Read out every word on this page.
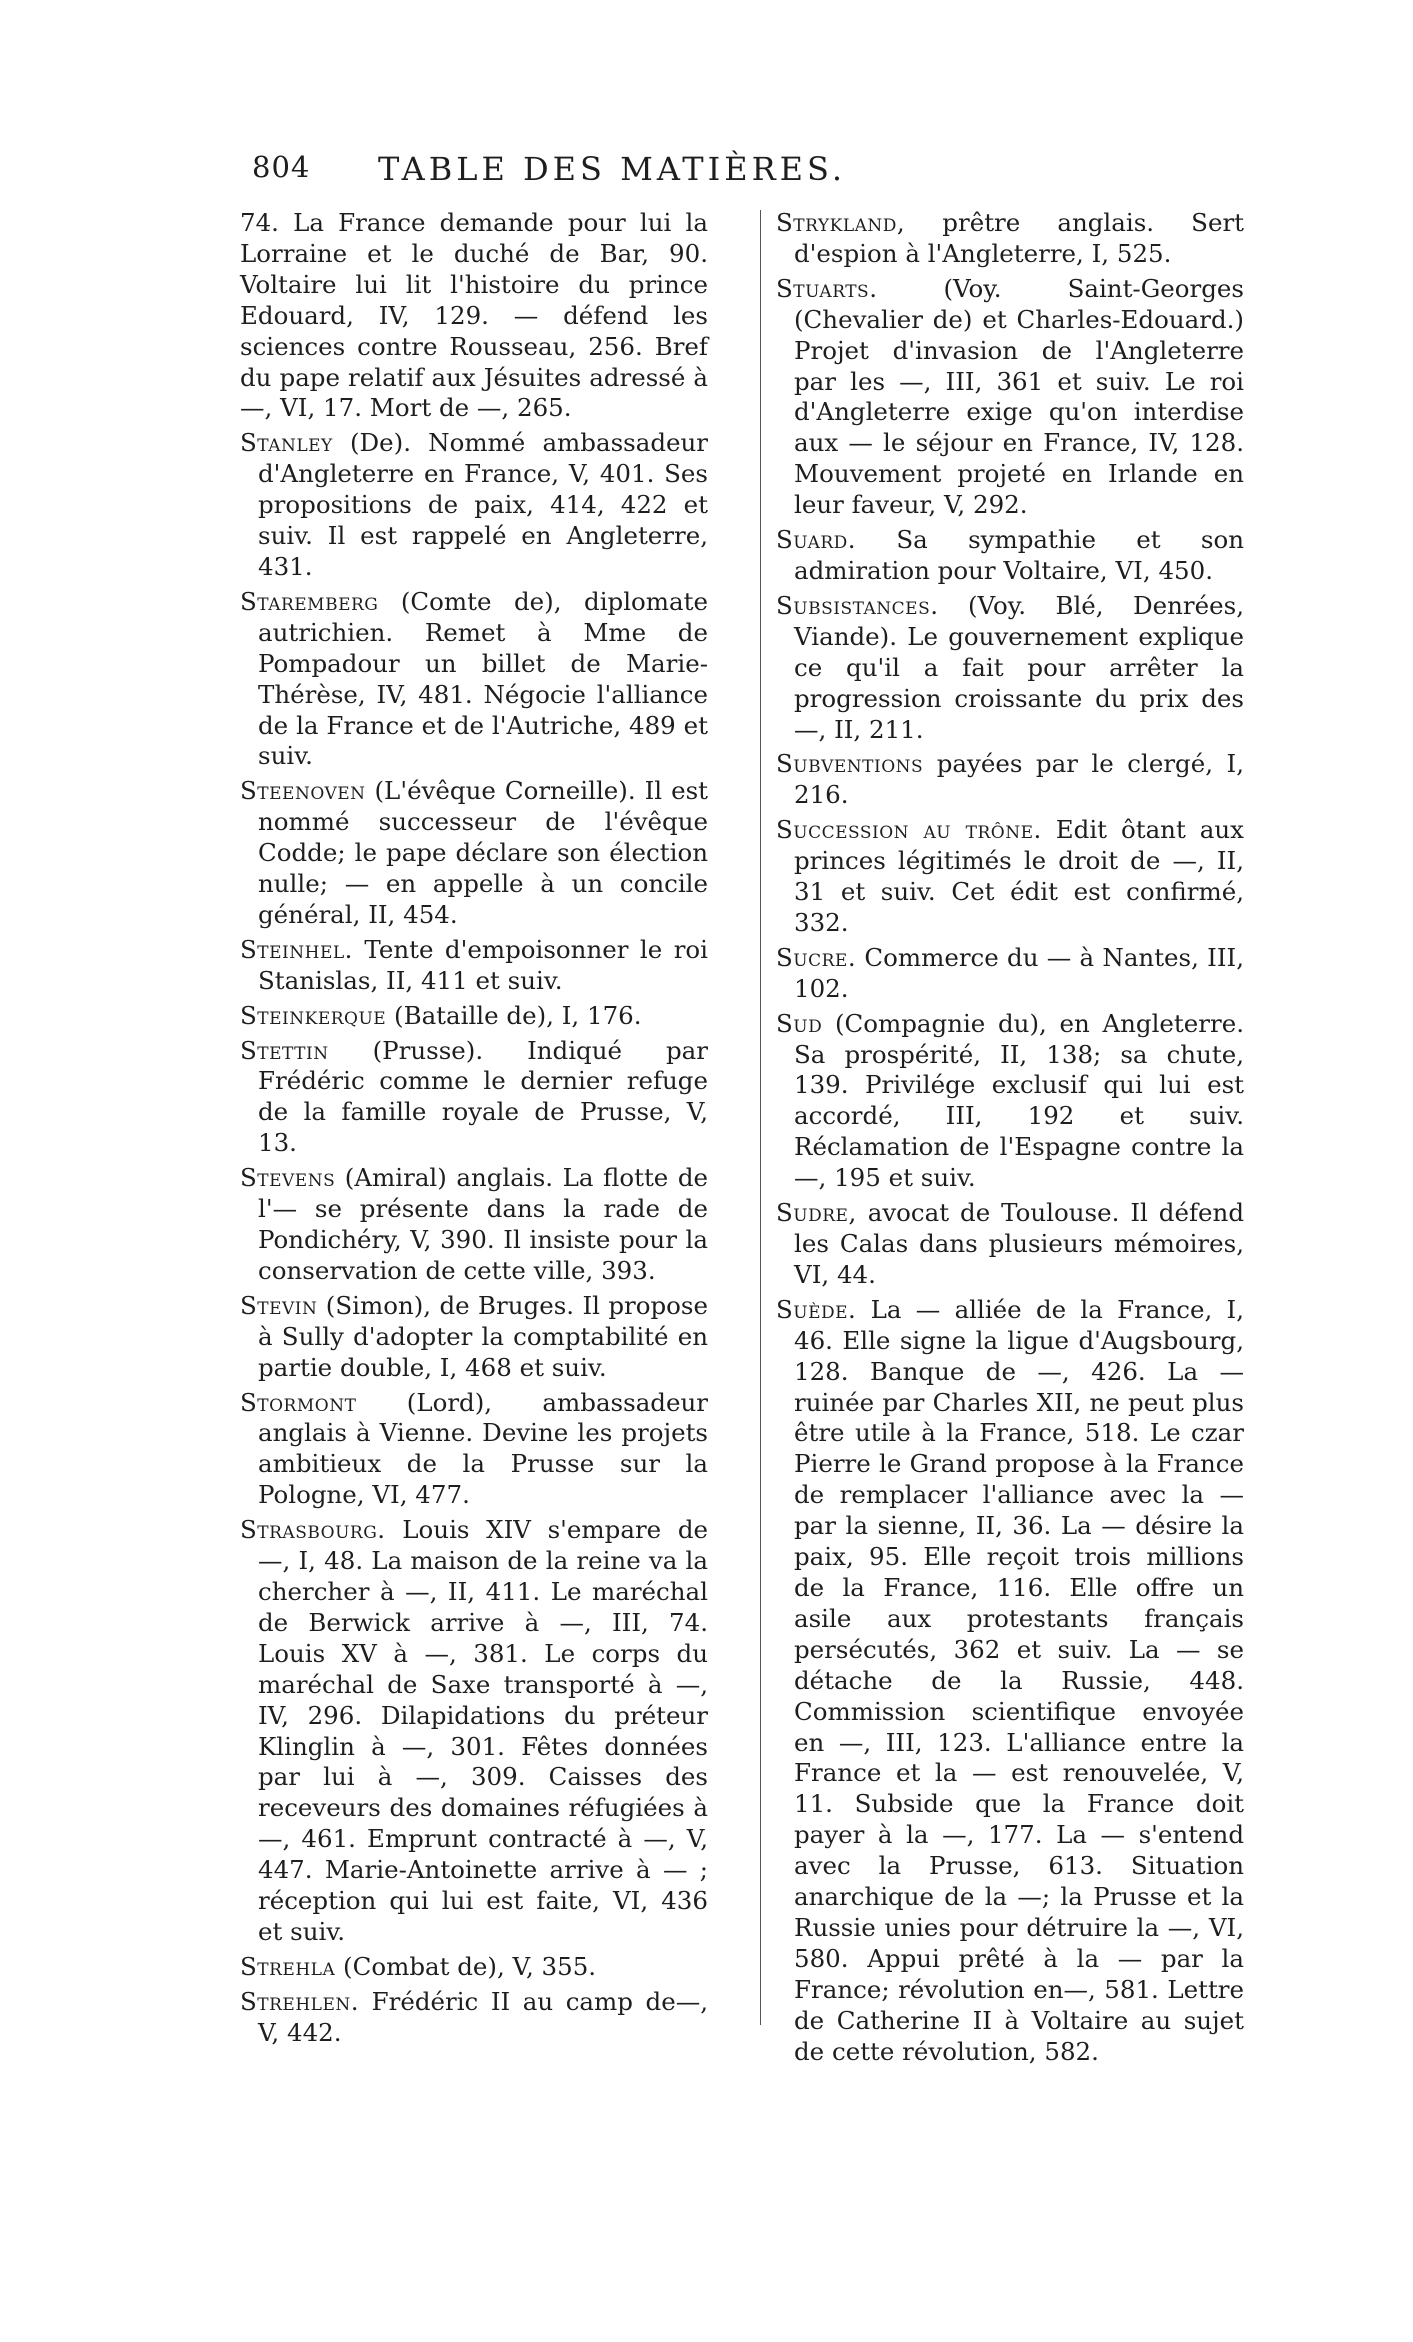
804	TABLE DES MATIÈRES.

74. La France demande pour lui la Lorraine et le duché de Bar, 90. Voltaire lui lit l'histoire du prince Edouard, IV, 129. — défend les sciences contre Rousseau, 256. Bref du pape relatif aux Jésuites adressé à —, VI, 17. Mort de —, 265.

Stanley (De). Nommé ambassadeur d'Angleterre en France, V, 401. Ses propositions de paix, 414, 422 et suiv. Il est rappelé en Angleterre, 431.

Staremberg (Comte de), diplomate autrichien. Remet à Mme de Pompadour un billet de Marie-Thérèse, IV, 481. Négocie l'alliance de la France et de l'Autriche, 489 et suiv.

Steenoven (L'évêque Corneille). Il est nommé successeur de l'évêque Codde; le pape déclare son élection nulle; — en appelle à un concile général, II, 454.

Steinhel. Tente d'empoisonner le roi Stanislas, II, 411 et suiv.

Steinkerque (Bataille de), I, 176.

Stettin (Prusse). Indiqué par Frédéric comme le dernier refuge de la famille royale de Prusse, V, 13.

Stevens (Amiral) anglais. La flotte de l'— se présente dans la rade de Pondichéry, V, 390. Il insiste pour la conservation de cette ville, 393.

Stevin (Simon), de Bruges. Il propose à Sully d'adopter la comptabilité en partie double, I, 468 et suiv.

Stormont (Lord), ambassadeur anglais à Vienne. Devine les projets ambitieux de la Prusse sur la Pologne, VI, 477.

Strasbourg. Louis XIV s'empare de —, I, 48. La maison de la reine va la chercher à —, II, 411. Le maréchal de Berwick arrive à —, III, 74. Louis XV à —, 381. Le corps du maréchal de Saxe transporté à —, IV, 296. Dilapidations du préteur Klinglin à —, 301. Fêtes données par lui à —, 309. Caisses des receveurs des domaines réfugiées à —, 461. Emprunt contracté à —, V, 447. Marie-Antoinette arrive à — ; réception qui lui est faite, VI, 436 et suiv.

Strehla (Combat de), V, 355.

Strehlen. Frédéric II au camp de—, V, 442.

Strykland, prêtre anglais. Sert d'espion à l'Angleterre, I, 525.

Stuarts.	(Voy. Saint-Georges (Chevalier de) et Charles-Edouard.) Projet d'invasion de l'Angleterre par les —, III, 361 et suiv. Le roi d'Angleterre exige qu'on interdise aux — le séjour en France, IV, 128. Mouvement projeté en Irlande en leur faveur, V, 292.

Suard. Sa sympathie et son admiration pour Voltaire, VI, 450.

Subsistances. (Voy. Blé, Denrées, Viande). Le gouvernement explique ce qu'il a fait pour arrêter la progression croissante du prix des —, II, 211.

Subventions payées par le clergé, I, 216.

Succession au trône. Edit ôtant aux princes légitimés le droit de —, II, 31 et suiv. Cet édit est confirmé, 332.

Sucre. Commerce du — à Nantes, III, 102.

Sud (Compagnie du), en Angleterre. Sa prospérité, II, 138; sa chute, 139. Privilége exclusif qui lui est accordé, III, 192 et suiv. Réclamation de l'Espagne contre la —, 195 et suiv.

Sudre, avocat de Toulouse. Il défend les Calas dans plusieurs mémoires, VI, 44.

Suède. La — alliée de la France, I, 46. Elle signe la ligue d'Augsbourg, 128. Banque de —, 426. La — ruinée par Charles XII, ne peut plus être utile à la France, 518. Le czar Pierre le Grand propose à la France de remplacer l'alliance avec la — par la sienne, II, 36. La — désire la paix, 95. Elle reçoit trois millions de la France, 116. Elle offre un asile aux protestants français persécutés, 362 et suiv. La — se détache de la Russie, 448. Commission scientifique envoyée en —, III, 123. L'alliance entre la France et la — est renouvelée, V, 11. Subside que la France doit payer à la —, 177. La — s'entend avec la Prusse, 613. Situation anarchique de la —; la Prusse et la Russie unies pour détruire la —, VI, 580. Appui prêté à la — par la France; révolution en—, 581. Lettre de Catherine II à Voltaire au sujet de cette révolution, 582.
